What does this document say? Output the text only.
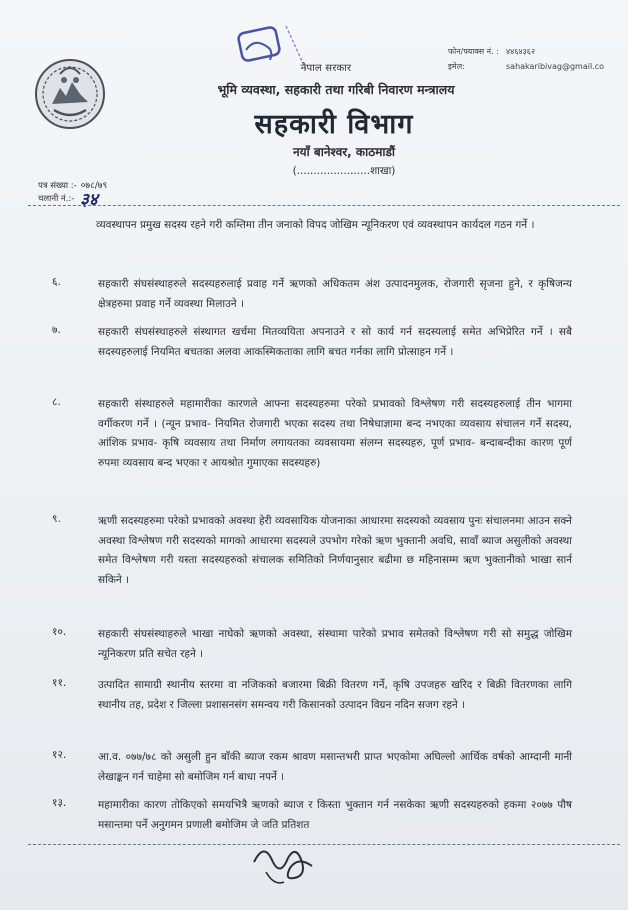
फोन/फ्याक्स नं. : ४४६४३६२
इमेल:	sahakaribivag@gmail.co
नेपाल सरकार
भूमि व्यवस्था, सहकारी तथा गरिबी निवारण मन्त्रालय
सहकारी विभाग
नयाँ बानेश्वर, काठमाडौं
(......................शाखा)
पत्र संख्या :- ०७८/७९
चलानी नं.:- ३४
व्यवस्थापन प्रमुख सदस्य रहने गरी कम्तिमा तीन जनाको विपद जोखिम न्यूनिकरण एवं व्यवस्थापन कार्यदल गठन गर्ने ।
६.	सहकारी संघसंस्थाहरुले सदस्यहरुलाई प्रवाह गर्ने ऋणको अधिकतम अंश उत्पादनमुलक, रोजगारी सृजना हुने, र कृषिजन्य क्षेत्रहरुमा प्रवाह गर्ने व्यवस्था मिलाउने ।
७.	सहकारी संघसंस्थाहरुले संस्थागत खर्चमा मितव्ययिता अपनाउने र सो कार्य गर्न सदस्यलाई समेत अभिप्रेरित गर्ने । सबै सदस्यहरुलाई नियमित बचतका अलवा आकस्मिकताका लागि बचत गर्नका लागि प्रोत्साहन गर्ने ।
८.	सहकारी संस्थाहरुले महामारीका कारणले आफ्ना सदस्यहरुमा परेको प्रभावको विश्लेषण गरी सदस्यहरुलाई तीन भागमा वर्गीकरण गर्ने । (न्यून प्रभाव- नियमित रोजगारी भएका सदस्य तथा निषेधाज्ञामा बन्द नभएका व्यवसाय संचालन गर्ने सदस्य, आंशिक प्रभाव- कृषि व्यवसाय तथा निर्माण लगायतका व्यवसायमा संलग्न सदस्यहरु, पूर्ण प्रभाव- बन्दाबन्दीका कारण पूर्ण रुपमा व्यवसाय बन्द भएका र आयश्रोत गुमाएका सदस्यहरु)
९.	ऋणी सदस्यहरुमा परेको प्रभावको अवस्था हेरी व्यवसायिक योजनाका आधारमा सदस्यको व्यवसाय पुनः संचालनमा आउन सक्ने अवस्था विश्लेषण गरी सदस्यको मागको आधारमा सदस्यले उपभोग गरेको ऋण भुक्तानी अवधि, सावाँ ब्याज असुलीको अवस्था समेत विश्लेषण गरी यस्ता सदस्यहरुको संचालक समितिको निर्णयानुसार बढीमा छ महिनासम्म ऋण भुक्तानीको भाखा सार्न सकिने ।
१०.	सहकारी संघसंस्थाहरुले भाखा नाघेको ऋणको अवस्था, संस्थामा पारेको प्रभाव समेतको विश्लेषण गरी सो समुद्ध जोखिम न्यूनिकरण प्रति सचेत रहने ।
११.	उत्पादित सामाग्री स्थानीय स्तरमा वा नजिकको बजारमा बिक्री वितरण गर्ने, कृषि उपजहरु खरिद र बिक्री वितरणका लागि स्थानीय तह, प्रदेश र जिल्ला प्रशासनसंग समन्वय गरी किसानको उत्पादन विग्रन नदिन सजग रहने ।
१२.	आ.व. ०७७/७८ को असुली हुन बाँकी ब्याज रकम श्रावण मसान्तभरी प्राप्त भएकोमा अघिल्लो आर्थिक वर्षको आम्दानी मानी लेखाङ्कन गर्न चाहेमा सो बमोजिम गर्न बाधा नपर्ने ।
१३.	महामारीका कारण तोकिएको समयभित्रै ऋणको ब्याज र किस्ता भुक्तान गर्न नसकेका ऋणी सदस्यहरुको हकमा २०७७ पौष मसान्तमा पर्ने अनुगमन प्रणाली बमोजिम जे जति प्रतिशत
